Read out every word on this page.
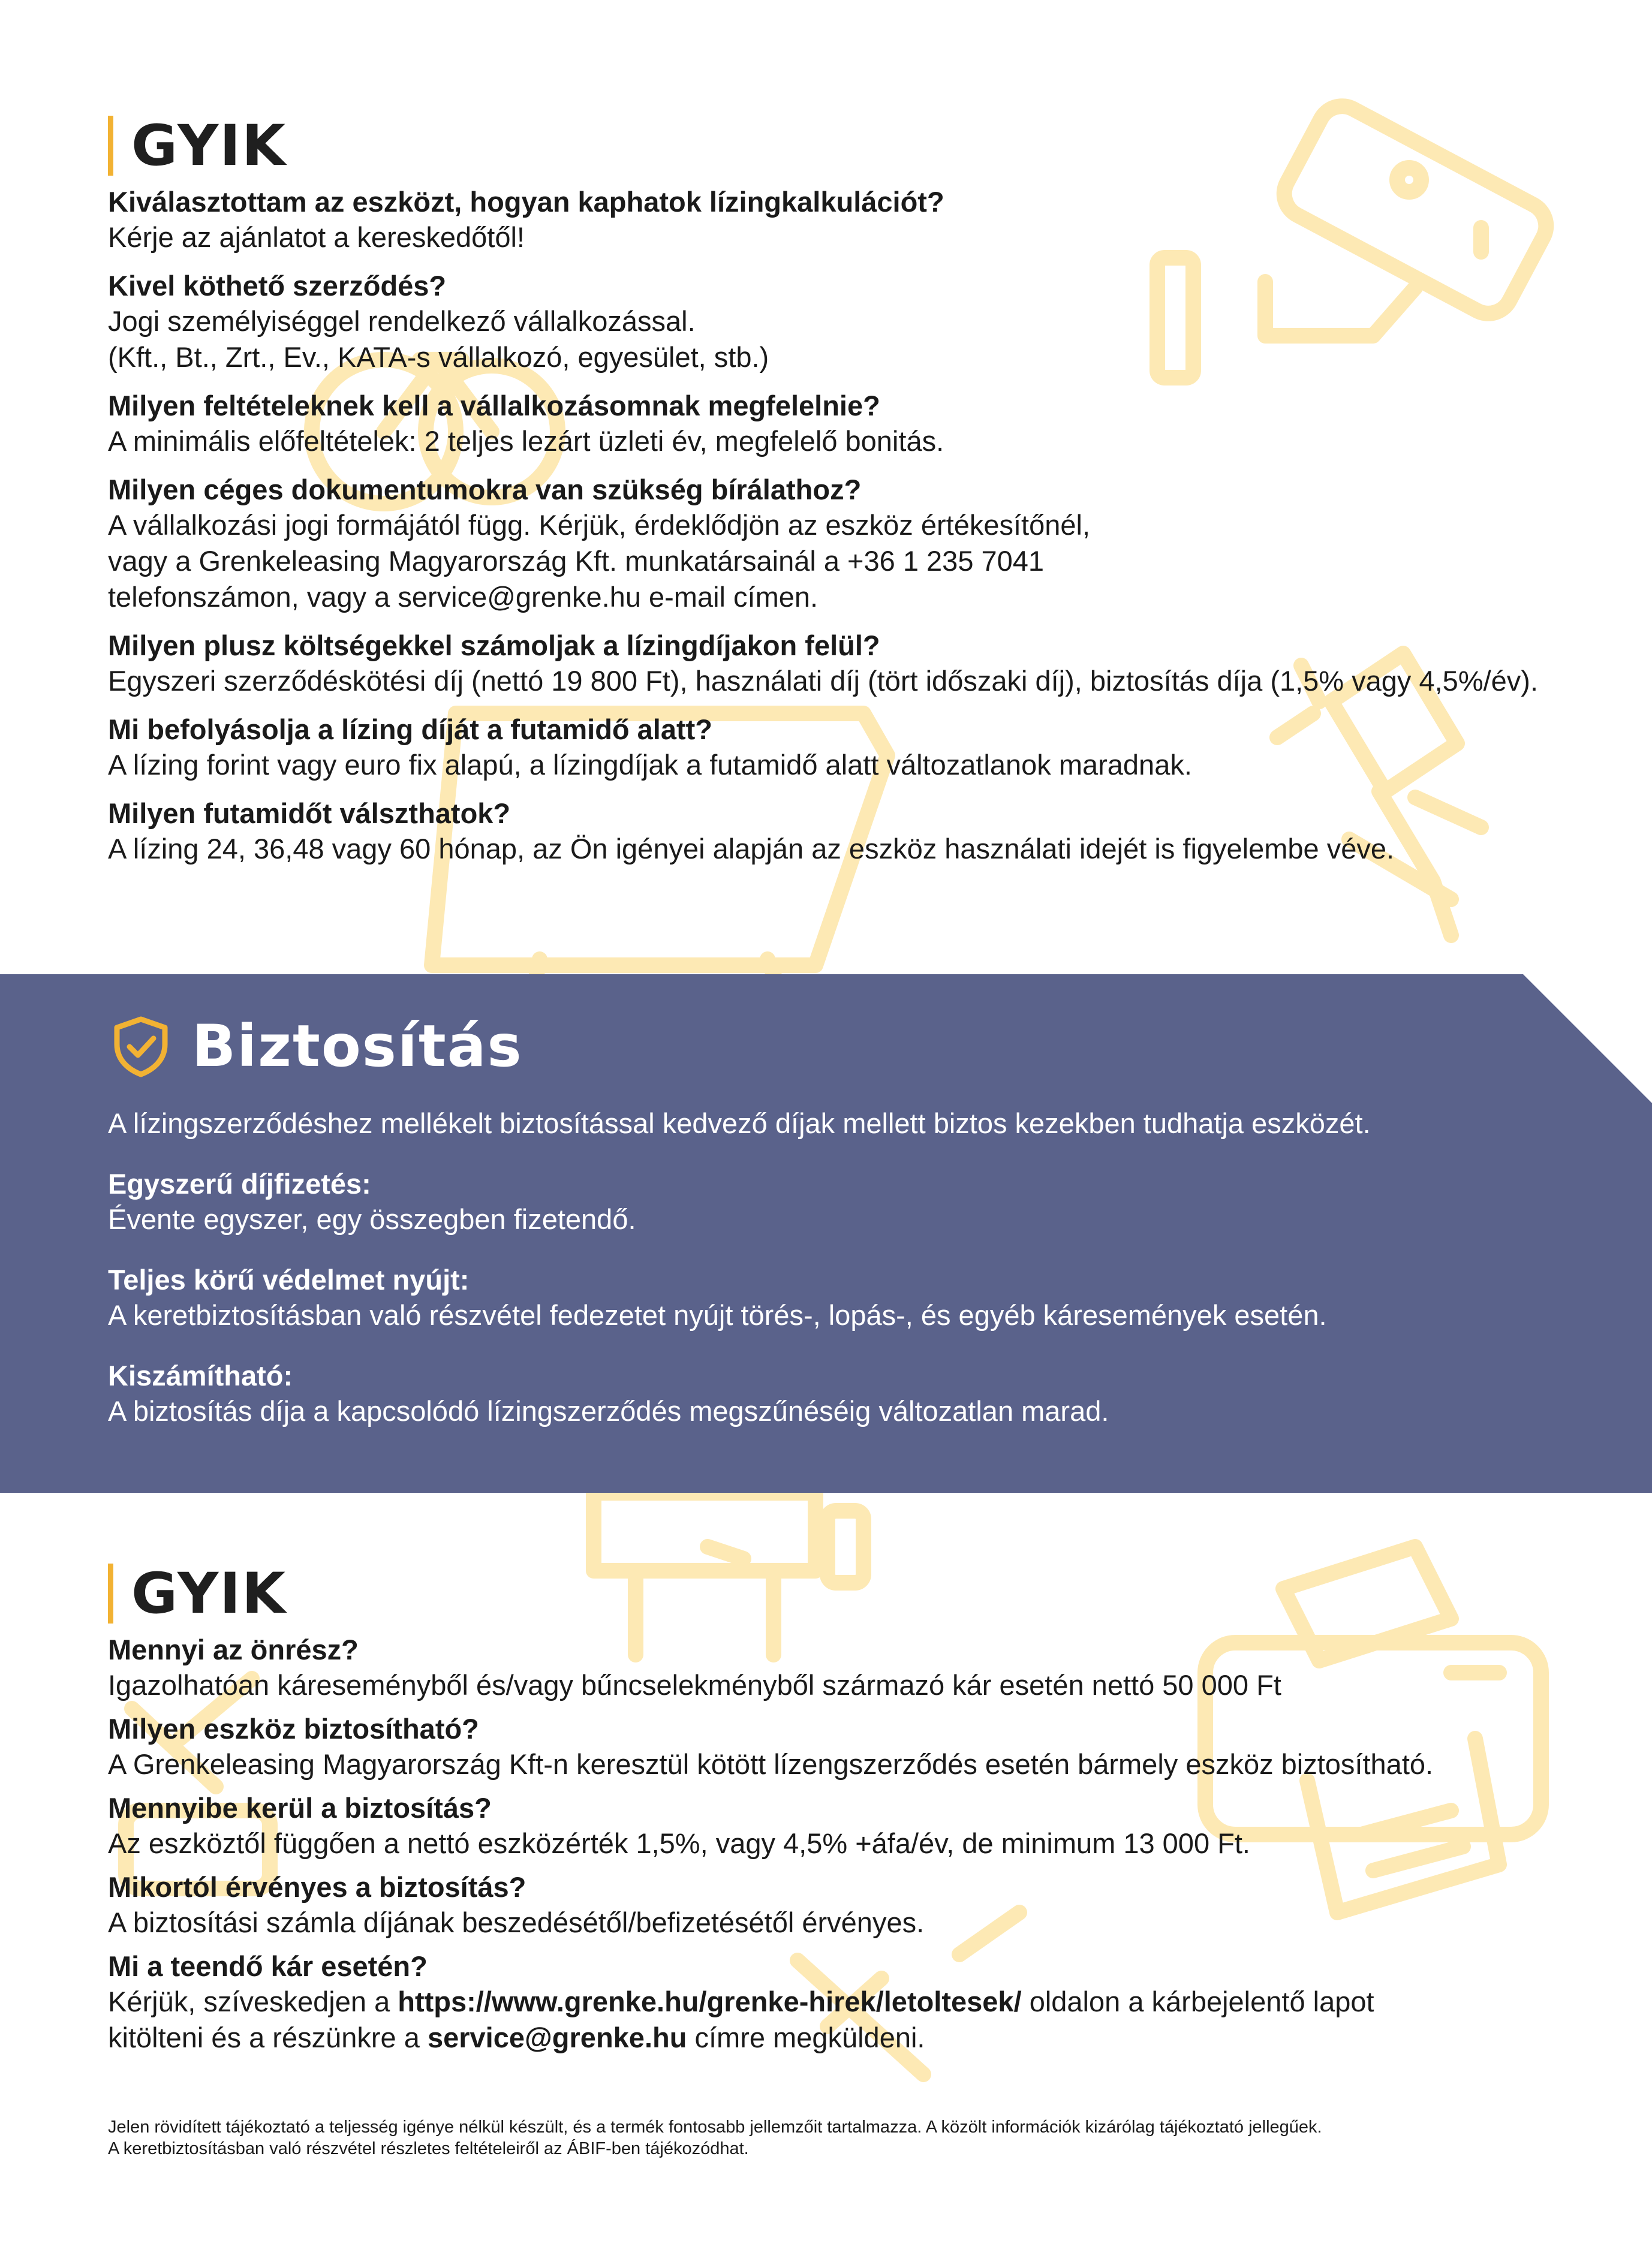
GYIK
Kiválasztottam az eszközt, hogyan kaphatok lízingkalkulációt?
Kérje az ajánlatot a kereskedőtől!
Kivel köthető szerződés?
Jogi személyiséggel rendelkező vállalkozással.
(Kft., Bt., Zrt., Ev., KATA-s vállalkozó, egyesület, stb.)
Milyen feltételeknek kell a vállalkozásomnak megfelelnie?
A minimális előfeltételek: 2 teljes lezárt üzleti év, megfelelő bonitás.
Milyen céges dokumentumokra van szükség bírálathoz?
A vállalkozási jogi formájától függ. Kérjük, érdeklődjön az eszköz értékesítőnél,
vagy a Grenkeleasing Magyarország Kft. munkatársainál a +36 1 235 7041
telefonszámon, vagy a service@grenke.hu e-mail címen.
Milyen plusz költségekkel számoljak a lízingdíjakon felül?
Egyszeri szerződéskötési díj (nettó 19 800 Ft), használati díj (tört időszaki díj), biztosítás díja (1,5% vagy 4,5%/év).
Mi befolyásolja a lízing díját a futamidő alatt?
A lízing forint vagy euro fix alapú, a lízingdíjak a futamidő alatt változatlanok maradnak.
Milyen futamidőt válszthatok?
A lízing 24, 36,48 vagy 60 hónap, az Ön igényei alapján az eszköz használati idejét is figyelembe véve.
Biztosítás
A lízingszerződéshez mellékelt biztosítással kedvező díjak mellett biztos kezekben tudhatja eszközét.
Egyszerű díjfizetés:
Évente egyszer, egy összegben fizetendő.
Teljes körű védelmet nyújt:
A keretbiztosításban való részvétel fedezetet nyújt törés-, lopás-, és egyéb káresemények esetén.
Kiszámítható:
A biztosítás díja a kapcsolódó lízingszerződés megszűnéséig változatlan marad.
GYIK
Mennyi az önrész?
Igazolhatóan káreseményből és/vagy bűncselekményből származó kár esetén nettó 50 000 Ft
Milyen eszköz biztosítható?
A Grenkeleasing Magyarország Kft-n keresztül kötött lízengszerződés esetén bármely eszköz biztosítható.
Mennyibe kerül a biztosítás?
Az eszköztől függően a nettó eszközérték 1,5%, vagy 4,5% +áfa/év, de minimum 13 000 Ft.
Mikortól érvényes a biztosítás?
A biztosítási számla díjának beszedésétől/befizetésétől érvényes.
Mi a teendő kár esetén?
Kérjük, szíveskedjen a https://www.grenke.hu/grenke-hirek/letoltesek/ oldalon a kárbejelentő lapot
kitölteni és a részünkre a service@grenke.hu címre megküldeni.
Jelen rövidített tájékoztató a teljesség igénye nélkül készült, és a termék fontosabb jellemzőit tartalmazza. A közölt információk kizárólag tájékoztató jellegűek.
A keretbiztosításban való részvétel részletes feltételeiről az ÁBIF-ben tájékozódhat.
